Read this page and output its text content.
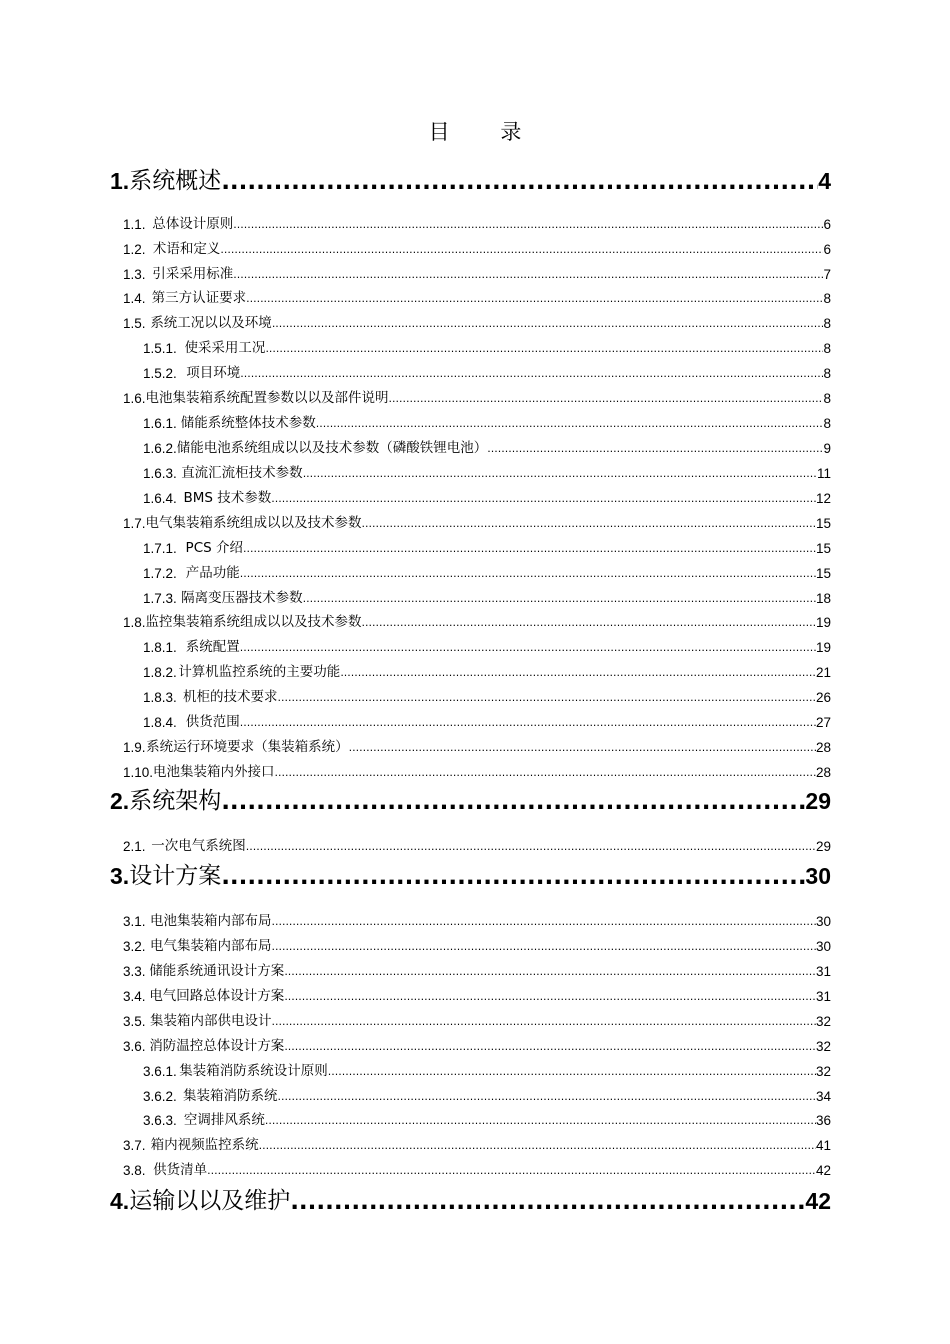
目 录
1. 系统概述 .....	4
1.1. 总体设计原则 .....	6
1.2. 术语和定义 .....	6
1.3. 引采采用标准 .....	7
1.4. 第三方认证要求 .....	8
1.5. 系统工况以以及环境 .....	8
1.5.1. 使采采用工况 .....	8
1.5.2. 项目环境 .....	8
1.6. 电池集装箱系统配置参数以以及部件说明 .....	8
1.6.1. 储能系统整体技术参数 .....	8
1.6.2. 储能电池系统组成以以及技术参数（磷酸铁锂电池） .....	9
1.6.3. 直流汇流柜技术参数 .....	11
1.6.4. BMS 技术参数 .....	12
1.7. 电气集装箱系统组成以以及技术参数 .....	15
1.7.1. PCS 介绍 .....	15
1.7.2. 产品功能 .....	15
1.7.3. 隔离变压器技术参数 .....	18
1.8. 监控集装箱系统组成以以及技术参数 .....	19
1.8.1. 系统配置 .....	19
1.8.2. 计算机监控系统的主要功能 .....	21
1.8.3. 机柜的技术要求 .....	26
1.8.4. 供货范围 .....	27
1.9. 系统运行环境要求（集装箱系统） .....	28
1.10. 电池集装箱内外接口 .....	28
2. 系统架构 .....	29
2.1. 一次电气系统图 .....	29
3. 设计方案 .....	30
3.1. 电池集装箱内部布局 .....	30
3.2. 电气集装箱内部布局 .....	30
3.3. 储能系统通讯设计方案 .....	31
3.4. 电气回路总体设计方案 .....	31
3.5. 集装箱内部供电设计 .....	32
3.6. 消防温控总体设计方案 .....	32
3.6.1. 集装箱消防系统设计原则 .....	32
3.6.2. 集装箱消防系统 .....	34
3.6.3. 空调排风系统 .....	36
3.7. 箱内视频监控系统 .....	41
3.8. 供货清单 .....	42
4. 运输以以及维护 .....	42
